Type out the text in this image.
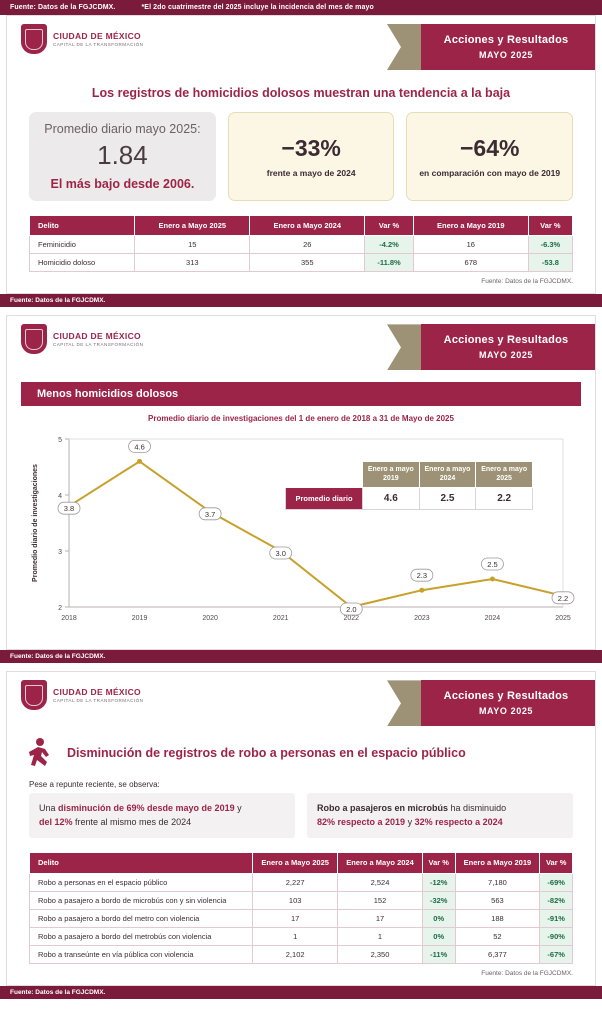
Fuente: Datos de la FGJCDMX.	*El 2do cuatrimestre del 2025 incluye la incidencia del mes de mayo
CIUDAD DE MÉXICO
CAPITAL DE LA TRANSFORMACIÓN	Acciones y Resultados
MAYO 2025
Los registros de homicidios dolosos muestran una tendencia a la baja
Promedio diario mayo 2025:
1.84
El más bajo desde 2006.
−33%
frente a mayo de 2024
−64%
en comparación con mayo de 2019
Delito	Enero a Mayo 2025	Enero a Mayo 2024	Var %	Enero a Mayo 2019	Var %
Feminicidio	15	26	-4.2%	16	-6.3%
Homicidio doloso	313	355	-11.8%	678	-53.8
Fuente: Datos de la FGJCDMX.
Fuente: Datos de la FGJCDMX.
CIUDAD DE MÉXICO
CAPITAL DE LA TRANSFORMACIÓN	Acciones y Resultados
MAYO 2025
Menos homicidios dolosos
Promedio diario de investigaciones del 1 de enero de 2018 a 31 de Mayo de 2025
2
3
4
5
Promedio diario de investigaciones
2018	2019	2020	2021	2022	2023	2024	2025
3.8
4.6
3.7
3.0
2.0
2.3
2.5
2.2
	Enero a mayo 2019	Enero a mayo 2024	Enero a mayo 2025
Promedio diario	4.6	2.5	2.2
Fuente: Datos de la FGJCDMX.
CIUDAD DE MÉXICO
CAPITAL DE LA TRANSFORMACIÓN	Acciones y Resultados
MAYO 2025
Disminución de registros de robo a personas en el espacio público
Pese a repunte reciente, se observa:
Una disminución de 69% desde mayo de 2019 y
del 12% frente al mismo mes de 2024
Robo a pasajeros en microbús ha disminuido
82% respecto a 2019 y 32% respecto a 2024
Delito	Enero a Mayo 2025	Enero a Mayo 2024	Var %	Enero a Mayo 2019	Var %
Robo a personas en el espacio público	2,227	2,524	-12%	7,180	-69%
Robo a pasajero a bordo de microbús con y sin violencia	103	152	-32%	563	-82%
Robo a pasajero a bordo del metro con violencia	17	17	0%	188	-91%
Robo a pasajero a bordo del metrobús con violencia	1	1	0%	52	-90%
Robo a transeúnte en vía pública con violencia	2,102	2,350	-11%	6,377	-67%
Fuente: Datos de la FGJCDMX.
Fuente: Datos de la FGJCDMX.
